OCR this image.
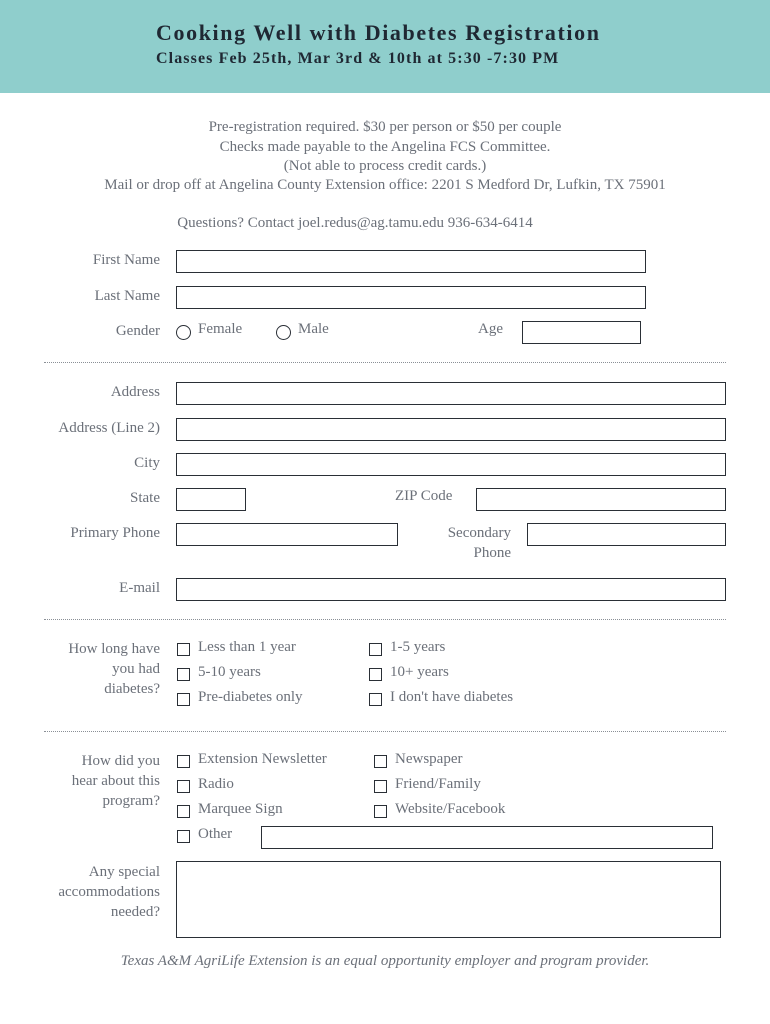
Cooking Well with Diabetes Registration
Classes Feb 25th, Mar 3rd & 10th at 5:30 -7:30 PM
Pre-registration required. $30 per person or $50 per couple
Checks made payable to the Angelina FCS Committee.
(Not able to process credit cards.)
Mail or drop off at Angelina County Extension office: 2201 S Medford Dr, Lufkin, TX 75901
Questions? Contact joel.redus@ag.tamu.edu 936-634-6414
First Name
Last Name
Gender	Female	Male	Age
Address
Address (Line 2)
City
State	ZIP Code
Primary Phone	Secondary
Phone
E-mail
How long have
you had
diabetes?
Less than 1 year	1-5 years
5-10 years	10+ years
Pre-diabetes only	I don't have diabetes
How did you
hear about this
program?
Extension Newsletter	Newspaper
Radio	Friend/Family
Marquee Sign	Website/Facebook
Other
Any special
accommodations
needed?
Texas A&M AgriLife Extension is an equal opportunity employer and program provider.
